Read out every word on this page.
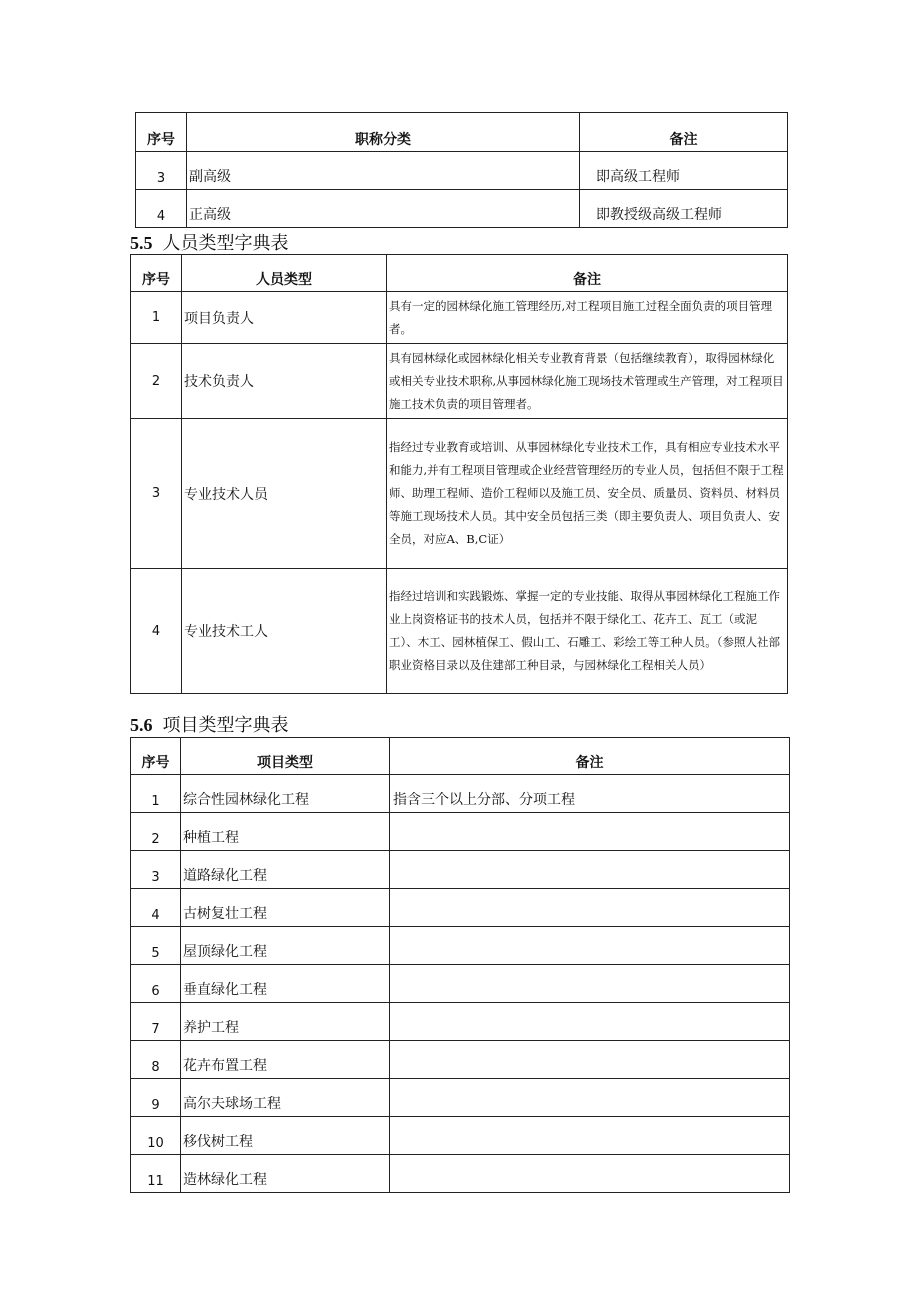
序号	职称分类	备注
3	副高级	即高级工程师
4	正高级	即教授级高级工程师
5.5 人员类型字典表
序号	人员类型	备注
1	项目负责人	具有一定的园林绿化施工管理经历,对工程项目施工过程全面负责的项目管理者。
2	技术负责人	具有园林绿化或园林绿化相关专业教育背景（包括继续教育），取得园林绿化或相关专业技术职称,从事园林绿化施工现场技术管理或生产管理，对工程项目施工技术负责的项目管理者。
3	专业技术人员	指经过专业教育或培训、从事园林绿化专业技术工作，具有相应专业技术水平和能力,并有工程项目管理或企业经营管理经历的专业人员，包括但不限于工程师、助理工程师、造价工程师以及施工员、安全员、质量员、资料员、材料员等施工现场技术人员。其中安全员包括三类（即主要负责人、项目负责人、安全员，对应A、B,C证）
4	专业技术工人	指经过培训和实践锻炼、掌握一定的专业技能、取得从事园林绿化工程施工作业上岗资格证书的技术人员，包括并不限于绿化工、花卉工、瓦工（或泥工）、木工、园林植保工、假山工、石雕工、彩绘工等工种人员。（参照人社部职业资格目录以及住建部工种目录，与园林绿化工程相关人员）
5.6 项目类型字典表
序号	项目类型	备注
1	综合性园林绿化工程	指含三个以上分部、分项工程
2	种植工程	
3	道路绿化工程	
4	古树复壮工程	
5	屋顶绿化工程	
6	垂直绿化工程	
7	养护工程	
8	花卉布置工程	
9	高尔夫球场工程	
10	移伐树工程	
11	造林绿化工程	
